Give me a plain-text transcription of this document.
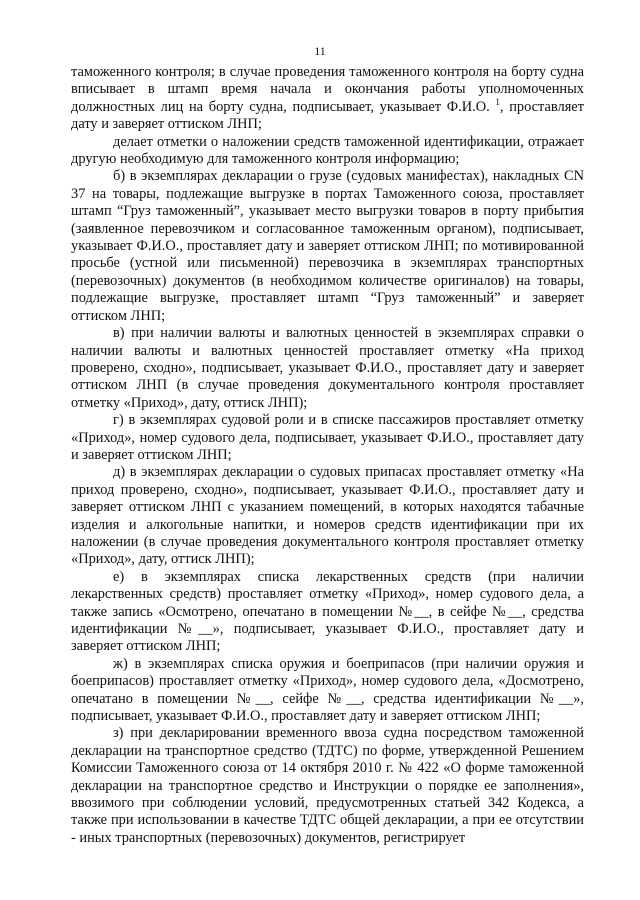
11

таможенного контроля; в случае проведения таможенного контроля на борту судна вписывает в штамп время начала и окончания работы уполномоченных должностных лиц на борту судна, подписывает, указывает Ф.И.О. $^1$, проставляет дату и заверяет оттиском ЛНП;

делает отметки о наложении средств таможенной идентификации, отражает другую необходимую для таможенного контроля информацию;

б) в экземплярах декларации о грузе (судовых манифестах), накладных CN 37 на товары, подлежащие выгрузке в портах Таможенного союза, проставляет штамп “Груз таможенный”, указывает место выгрузки товаров в порту прибытия (заявленное перевозчиком и согласованное таможенным органом), подписывает, указывает Ф.И.О., проставляет дату и заверяет оттиском ЛНП; по мотивированной просьбе (устной или письменной) перевозчика в экземплярах транспортных (перевозочных) документов (в необходимом количестве оригиналов) на товары, подлежащие выгрузке, проставляет штамп “Груз таможенный” и заверяет оттиском ЛНП;

в) при наличии валюты и валютных ценностей в экземплярах справки о наличии валюты и валютных ценностей проставляет отметку «На приход проверено, сходно», подписывает, указывает Ф.И.О., проставляет дату и заверяет оттиском ЛНП (в случае проведения документального контроля проставляет отметку «Приход», дату, оттиск ЛНП);

г) в экземплярах судовой роли и в списке пассажиров проставляет отметку «Приход», номер судового дела, подписывает, указывает Ф.И.О., проставляет дату и заверяет оттиском ЛНП;

д) в экземплярах декларации о судовых припасах проставляет отметку «На приход проверено, сходно», подписывает, указывает Ф.И.О., проставляет дату и заверяет оттиском ЛНП с указанием помещений, в которых находятся табачные изделия и алкогольные напитки, и номеров средств идентификации при их наложении (в случае проведения документального контроля проставляет отметку «Приход», дату, оттиск ЛНП);

е) в экземплярах списка лекарственных средств (при наличии лекарственных средств) проставляет отметку «Приход», номер судового дела, а также запись «Осмотрено, опечатано в помещении №__, в сейфе №__, средства идентификации №__», подписывает, указывает Ф.И.О., проставляет дату и заверяет оттиском ЛНП;

ж) в экземплярах списка оружия и боеприпасов (при наличии оружия и боеприпасов) проставляет отметку «Приход», номер судового дела, «Досмотрено, опечатано в помещении №__, сейфе №__, средства идентификации №__», подписывает, указывает Ф.И.О., проставляет дату и заверяет оттиском ЛНП;

з) при декларировании временного ввоза судна посредством таможенной декларации на транспортное средство (ТДТС) по форме, утвержденной Решением Комиссии Таможенного союза от 14 октября 2010 г. № 422 «О форме таможенной декларации на транспортное средство и Инструкции о порядке ее заполнения», ввозимого при соблюдении условий, предусмотренных статьей 342 Кодекса, а также при использовании в качестве ТДТС общей декларации, а при ее отсутствии - иных транспортных (перевозочных) документов, регистрирует
